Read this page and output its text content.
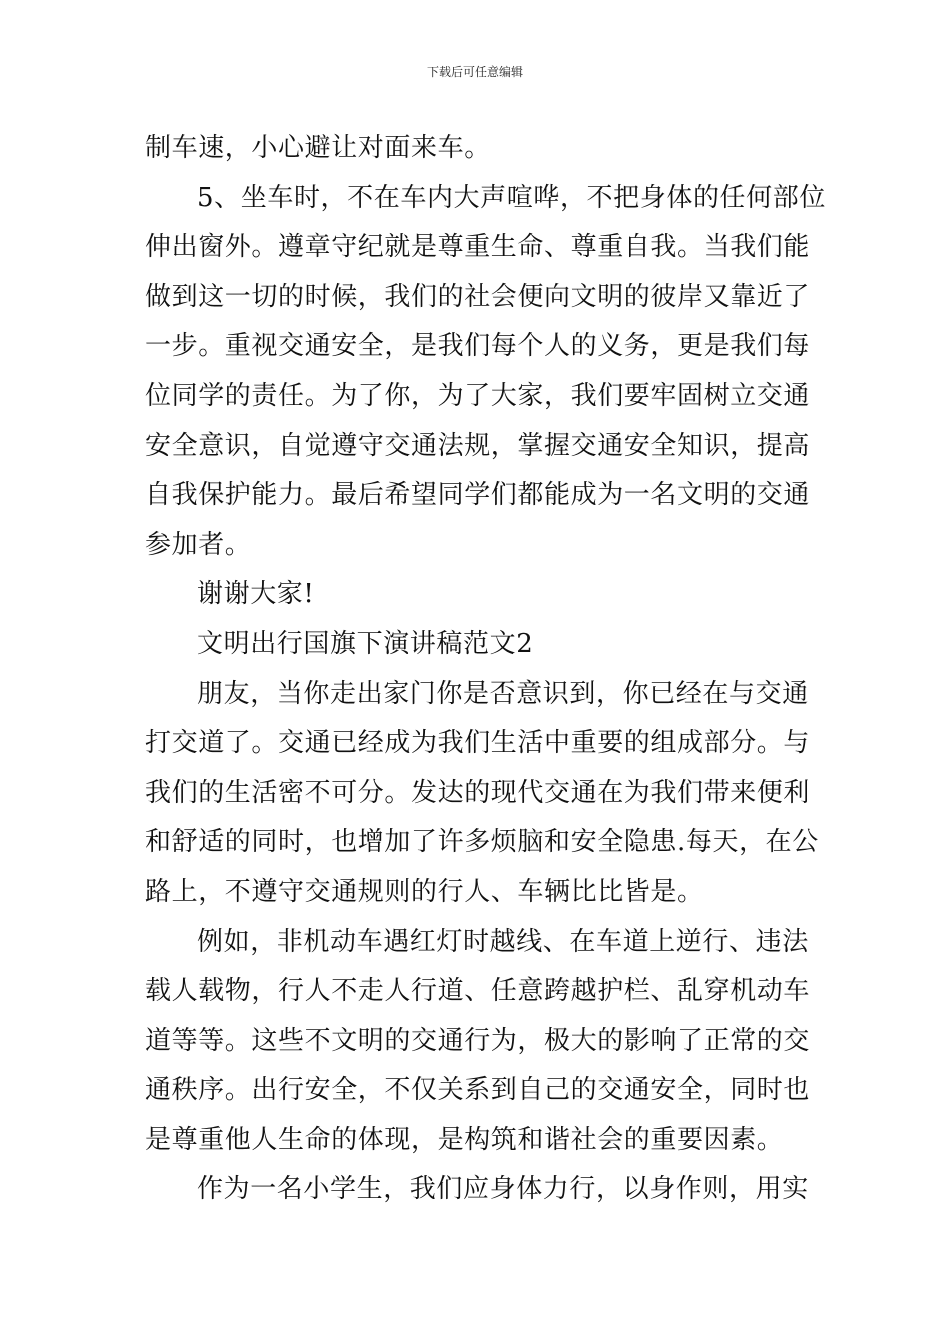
下载后可任意编辑
制车速，小心避让对面来车。
5、坐车时，不在车内大声喧哗，不把身体的任何部位
伸出窗外。遵章守纪就是尊重生命、尊重自我。当我们能
做到这一切的时候，我们的社会便向文明的彼岸又靠近了
一步。重视交通安全，是我们每个人的义务，更是我们每
位同学的责任。为了你，为了大家，我们要牢固树立交通
安全意识，自觉遵守交通法规，掌握交通安全知识，提高
自我保护能力。最后希望同学们都能成为一名文明的交通
参加者。
谢谢大家!
文明出行国旗下演讲稿范文2
朋友，当你走出家门你是否意识到，你已经在与交通
打交道了。交通已经成为我们生活中重要的组成部分。与
我们的生活密不可分。发达的现代交通在为我们带来便利
和舒适的同时，也增加了许多烦脑和安全隐患.每天，在公
路上，不遵守交通规则的行人、车辆比比皆是。
例如，非机动车遇红灯时越线、在车道上逆行、违法
载人载物，行人不走人行道、任意跨越护栏、乱穿机动车
道等等。这些不文明的交通行为，极大的影响了正常的交
通秩序。出行安全，不仅关系到自己的交通安全，同时也
是尊重他人生命的体现，是构筑和谐社会的重要因素。
作为一名小学生，我们应身体力行，以身作则，用实
